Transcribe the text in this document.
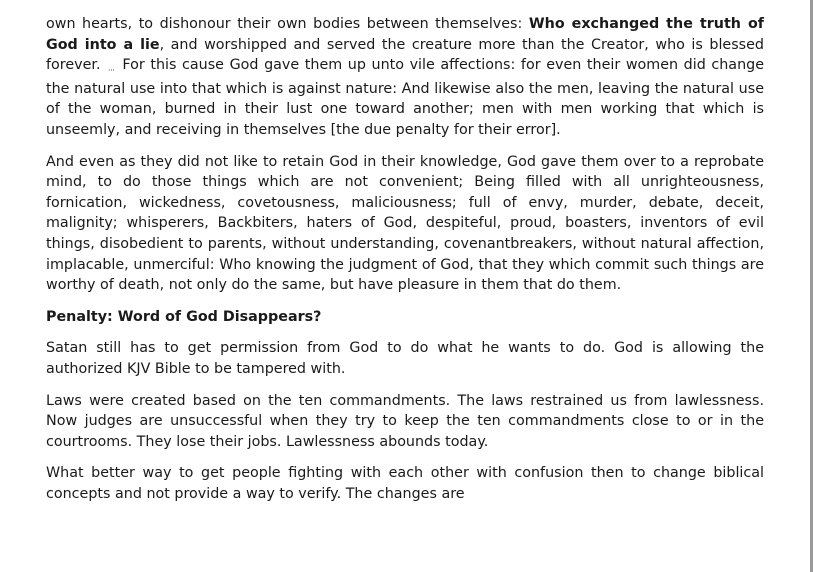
own hearts, to dishonour their own bodies between themselves: Who exchanged the truth of God into a lie, and worshipped and served the creature more than the Creator, who is blessed forever. ,,, For this cause God gave them up unto vile affections: for even their women did change the natural use into that which is against nature: And likewise also the men, leaving the natural use of the woman, burned in their lust one toward another; men with men working that which is unseemly, and receiving in themselves [the due penalty for their error].

And even as they did not like to retain God in their knowledge, God gave them over to a reprobate mind, to do those things which are not convenient; Being filled with all unrighteousness, fornication, wickedness, covetousness, maliciousness; full of envy, murder, debate, deceit, malignity; whisperers, Backbiters, haters of God, despiteful, proud, boasters, inventors of evil things, disobedient to parents, without understanding, covenantbreakers, without natural affection, implacable, unmerciful: Who knowing the judgment of God, that they which commit such things are worthy of death, not only do the same, but have pleasure in them that do them.

Penalty: Word of God Disappears?

Satan still has to get permission from God to do what he wants to do. God is allowing the authorized KJV Bible to be tampered with.

Laws were created based on the ten commandments. The laws restrained us from lawlessness. Now judges are unsuccessful when they try to keep the ten commandments close to or in the courtrooms. They lose their jobs. Lawlessness abounds today.

What better way to get people fighting with each other with confusion then to change biblical concepts and not provide a way to verify. The changes are
